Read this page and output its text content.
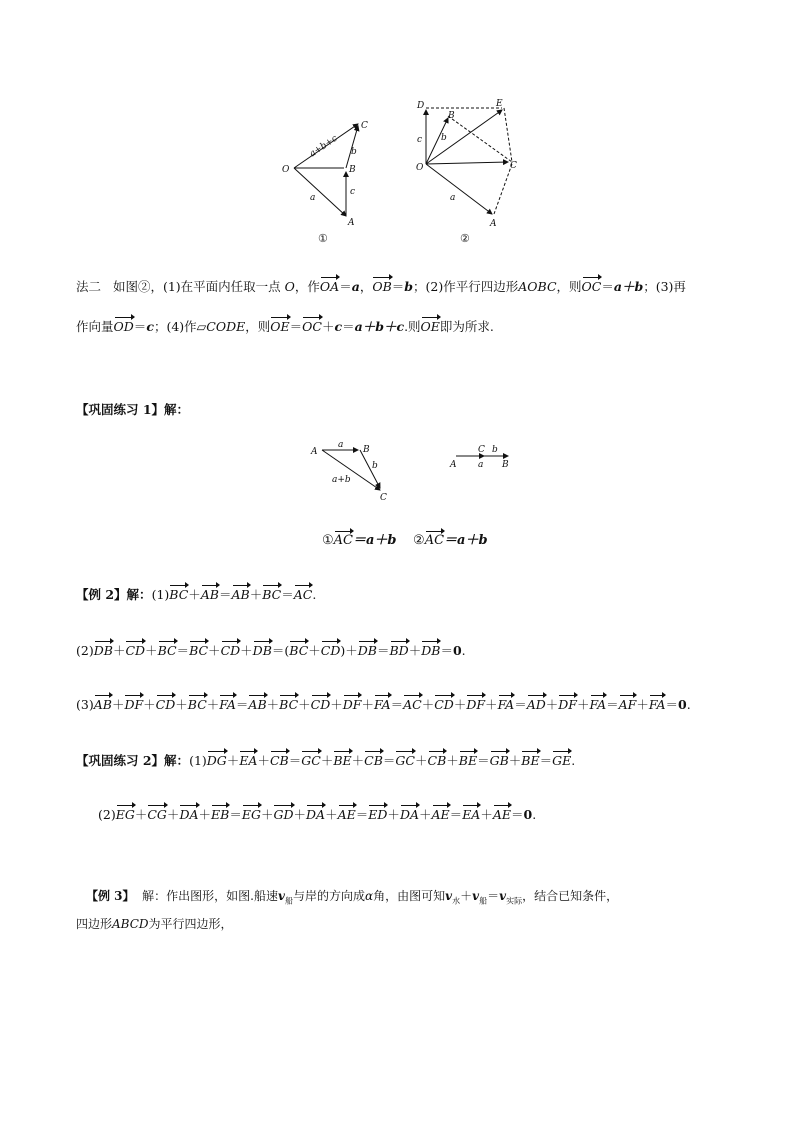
O
A
B
C
a
b
c
a+b+c
①
O
A
B
C
D	E
a
b
c
②
法二 如图②，(1)在平面内任取一点 O，作OA＝a，OB＝b；(2)作平行四边形AOBC，则OC＝a＋b；(3)再
作向量OD＝c；(4)作▱CODE，则OE＝OC＋c＝a＋b＋c.则OE即为所求.
【巩固练习 1】解：
A	B
C
a
b
a+b
A	B
C
a
b
①AC＝a＋b ②AC＝a＋b
【例 2】解：(1)BC＋AB＝AB＋BC＝AC.
(2)DB＋CD＋BC＝BC＋CD＋DB＝(BC＋CD)＋DB＝BD＋DB＝0.
(3)AB＋DF＋CD＋BC＋FA＝AB＋BC＋CD＋DF＋FA＝AC＋CD＋DF＋FA＝AD＋DF＋FA＝AF＋FA＝0.
【巩固练习 2】解：(1)DG＋EA＋CB＝GC＋BE＋CB＝GC＋CB＋BE＝GB＋BE＝GE.
(2)EG＋CG＋DA＋EB＝EG＋GD＋DA＋AE＝ED＋DA＋AE＝EA＋AE＝0.
【例 3】 解：作出图形，如图.船速$v_船$与岸的方向成α角，由图可知$v_水+v_船=v_{实际}$，结合已知条件，
四边形ABCD为平行四边形，
